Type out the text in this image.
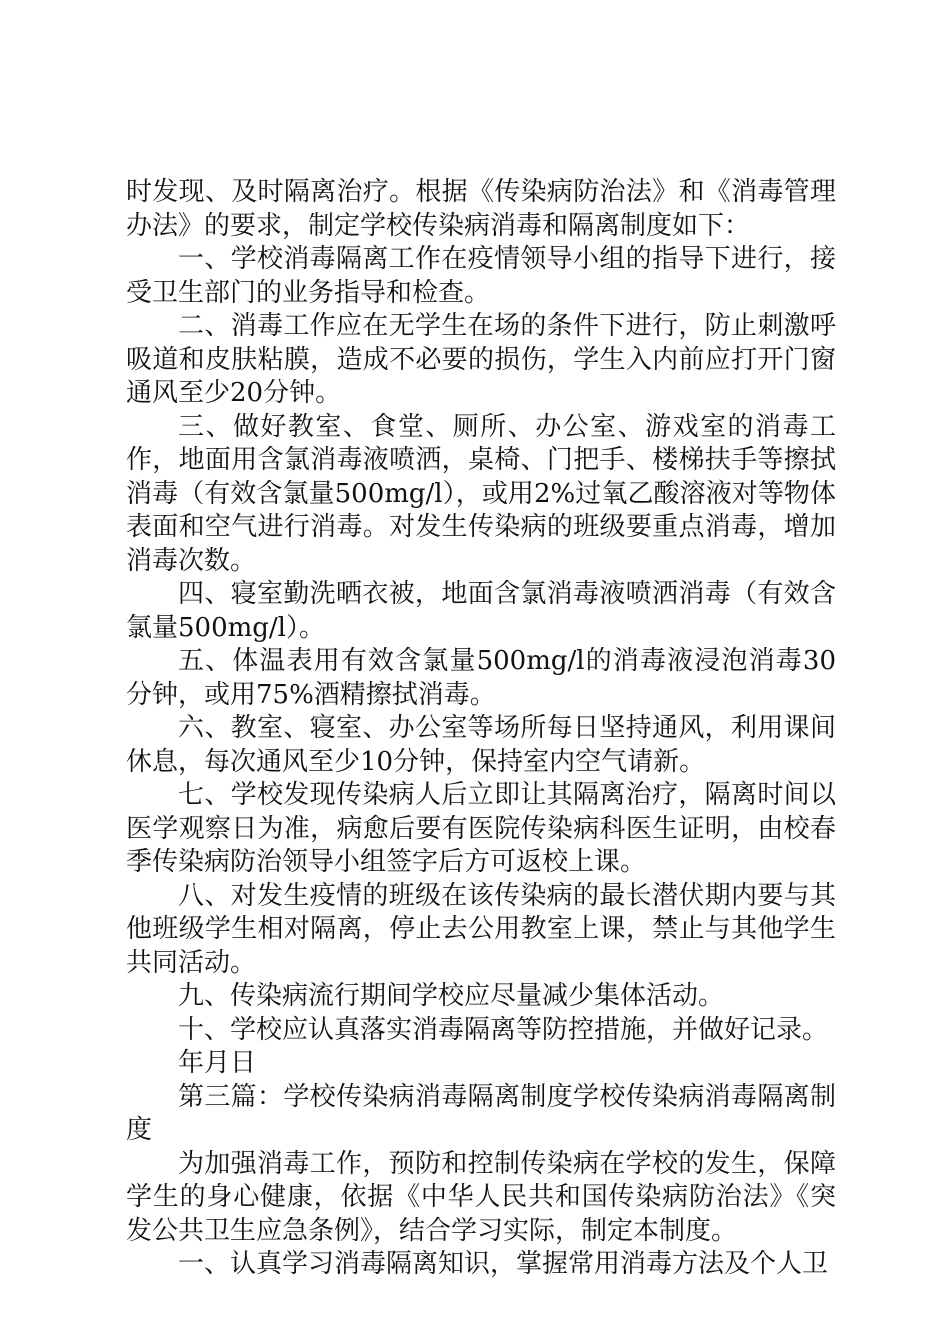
时发现、及时隔离治疗。根据《传染病防治法》和《消毒管理办法》的要求，制定学校传染病消毒和隔离制度如下：

一、学校消毒隔离工作在疫情领导小组的指导下进行，接受卫生部门的业务指导和检查。

二、消毒工作应在无学生在场的条件下进行，防止刺激呼吸道和皮肤粘膜，造成不必要的损伤，学生入内前应打开门窗通风至少20分钟。

三、做好教室、食堂、厕所、办公室、游戏室的消毒工作，地面用含氯消毒液喷洒，桌椅、门把手、楼梯扶手等擦拭消毒（有效含氯量500mg/l），或用2%过氧乙酸溶液对等物体表面和空气进行消毒。对发生传染病的班级要重点消毒，增加消毒次数。

四、寝室勤洗晒衣被，地面含氯消毒液喷洒消毒（有效含氯量500mg/l）。

五、体温表用有效含氯量500mg/l的消毒液浸泡消毒30分钟，或用75%酒精擦拭消毒。

六、教室、寝室、办公室等场所每日坚持通风，利用课间休息，每次通风至少10分钟，保持室内空气请新。

七、学校发现传染病人后立即让其隔离治疗，隔离时间以医学观察日为准，病愈后要有医院传染病科医生证明，由校春季传染病防治领导小组签字后方可返校上课。

八、对发生疫情的班级在该传染病的最长潜伏期内要与其他班级学生相对隔离，停止去公用教室上课，禁止与其他学生共同活动。

九、传染病流行期间学校应尽量减少集体活动。

十、学校应认真落实消毒隔离等防控措施，并做好记录。

年月日

第三篇：学校传染病消毒隔离制度学校传染病消毒隔离制度

为加强消毒工作，预防和控制传染病在学校的发生，保障学生的身心健康，依据《中华人民共和国传染病防治法》《突发公共卫生应急条例》，结合学习实际，制定本制度。

一、认真学习消毒隔离知识，掌握常用消毒方法及个人卫
